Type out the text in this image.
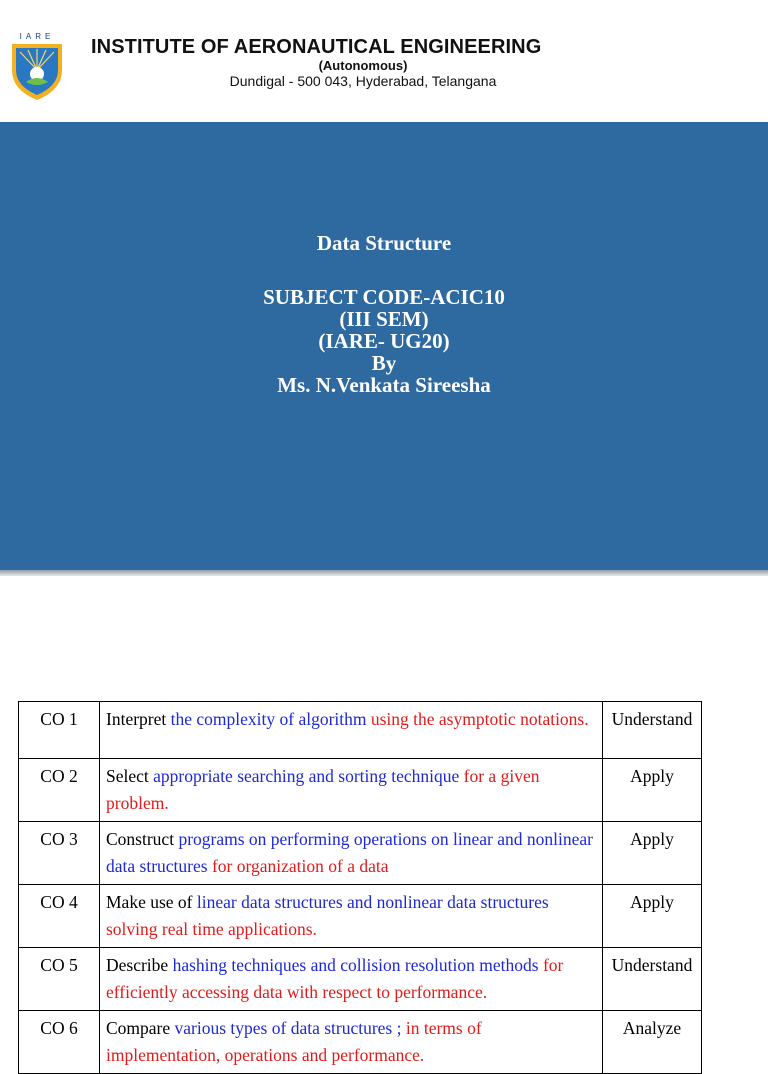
IARE INSTITUTE OF AERONAUTICAL ENGINEERING
(Autonomous)
Dundigal - 500 043, Hyderabad, Telangana
Data Structure
SUBJECT CODE-ACIC10
(III SEM)
(IARE- UG20)
By
Ms. N.Venkata Sireesha
CO 1	Interpret the complexity of algorithm using the asymptotic notations.	Understand
CO 2	Select appropriate searching and sorting technique for a given problem.	Apply
CO 3	Construct programs on performing operations on linear and nonlinear data structures for organization of a data	Apply
CO 4	Make use of linear data structures and nonlinear data structures solving real time applications.	Apply
CO 5	Describe hashing techniques and collision resolution methods for efficiently accessing data with respect to performance.	Understand
CO 6	Compare various types of data structures ; in terms of implementation, operations and performance.	Analyze
